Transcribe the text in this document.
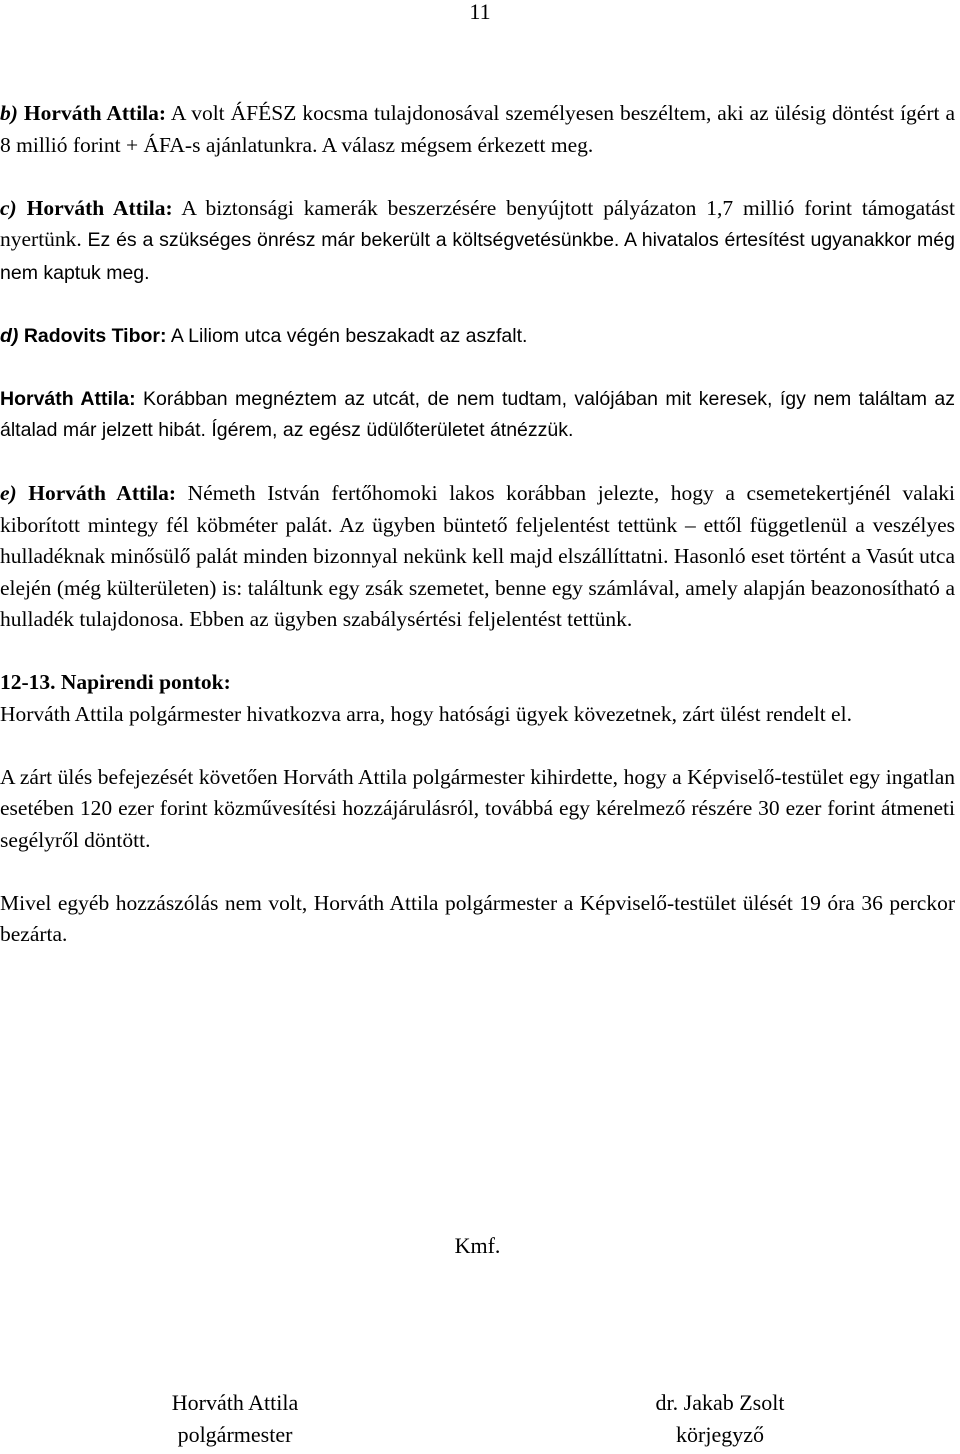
11

b) Horváth Attila: A volt ÁFÉSZ kocsma tulajdonosával személyesen beszéltem, aki az ülésig döntést ígért a 8 millió forint + ÁFA-s ajánlatunkra. A válasz mégsem érkezett meg.

c) Horváth Attila: A biztonsági kamerák beszerzésére benyújtott pályázaton 1,7 millió forint támogatást nyertünk. Ez és a szükséges önrész már bekerült a költségvetésünkbe. A hivatalos értesítést ugyanakkor még nem kaptuk meg.

d) Radovits Tibor: A Liliom utca végén beszakadt az aszfalt.

Horváth Attila: Korábban megnéztem az utcát, de nem tudtam, valójában mit keresek, így nem találtam az általad már jelzett hibát. Ígérem, az egész üdülőterületet átnézzük.

e) Horváth Attila: Németh István fertőhomoki lakos korábban jelezte, hogy a csemetekertjénél valaki kiborított mintegy fél köbméter palát. Az ügyben büntető feljelentést tettünk – ettől függetlenül a veszélyes hulladéknak minősülő palát minden bizonnyal nekünk kell majd elszállíttatni. Hasonló eset történt a Vasút utca elején (még külterületen) is: találtunk egy zsák szemetet, benne egy számlával, amely alapján beazonosítható a hulladék tulajdonosa. Ebben az ügyben szabálysértési feljelentést tettünk.

12-13. Napirendi pontok:

Horváth Attila polgármester hivatkozva arra, hogy hatósági ügyek kövezetnek, zárt ülést rendelt el.

A zárt ülés befejezését követően Horváth Attila polgármester kihirdette, hogy a Képviselő-testület egy ingatlan esetében 120 ezer forint közművesítési hozzájárulásról, továbbá egy kérelmező részére 30 ezer forint átmeneti segélyről döntött.

Mivel egyéb hozzászólás nem volt, Horváth Attila polgármester a Képviselő-testület ülését 19 óra 36 perckor bezárta.

Kmf.
Horváth Attila
polgármester
dr. Jakab Zsolt
körjegyző
